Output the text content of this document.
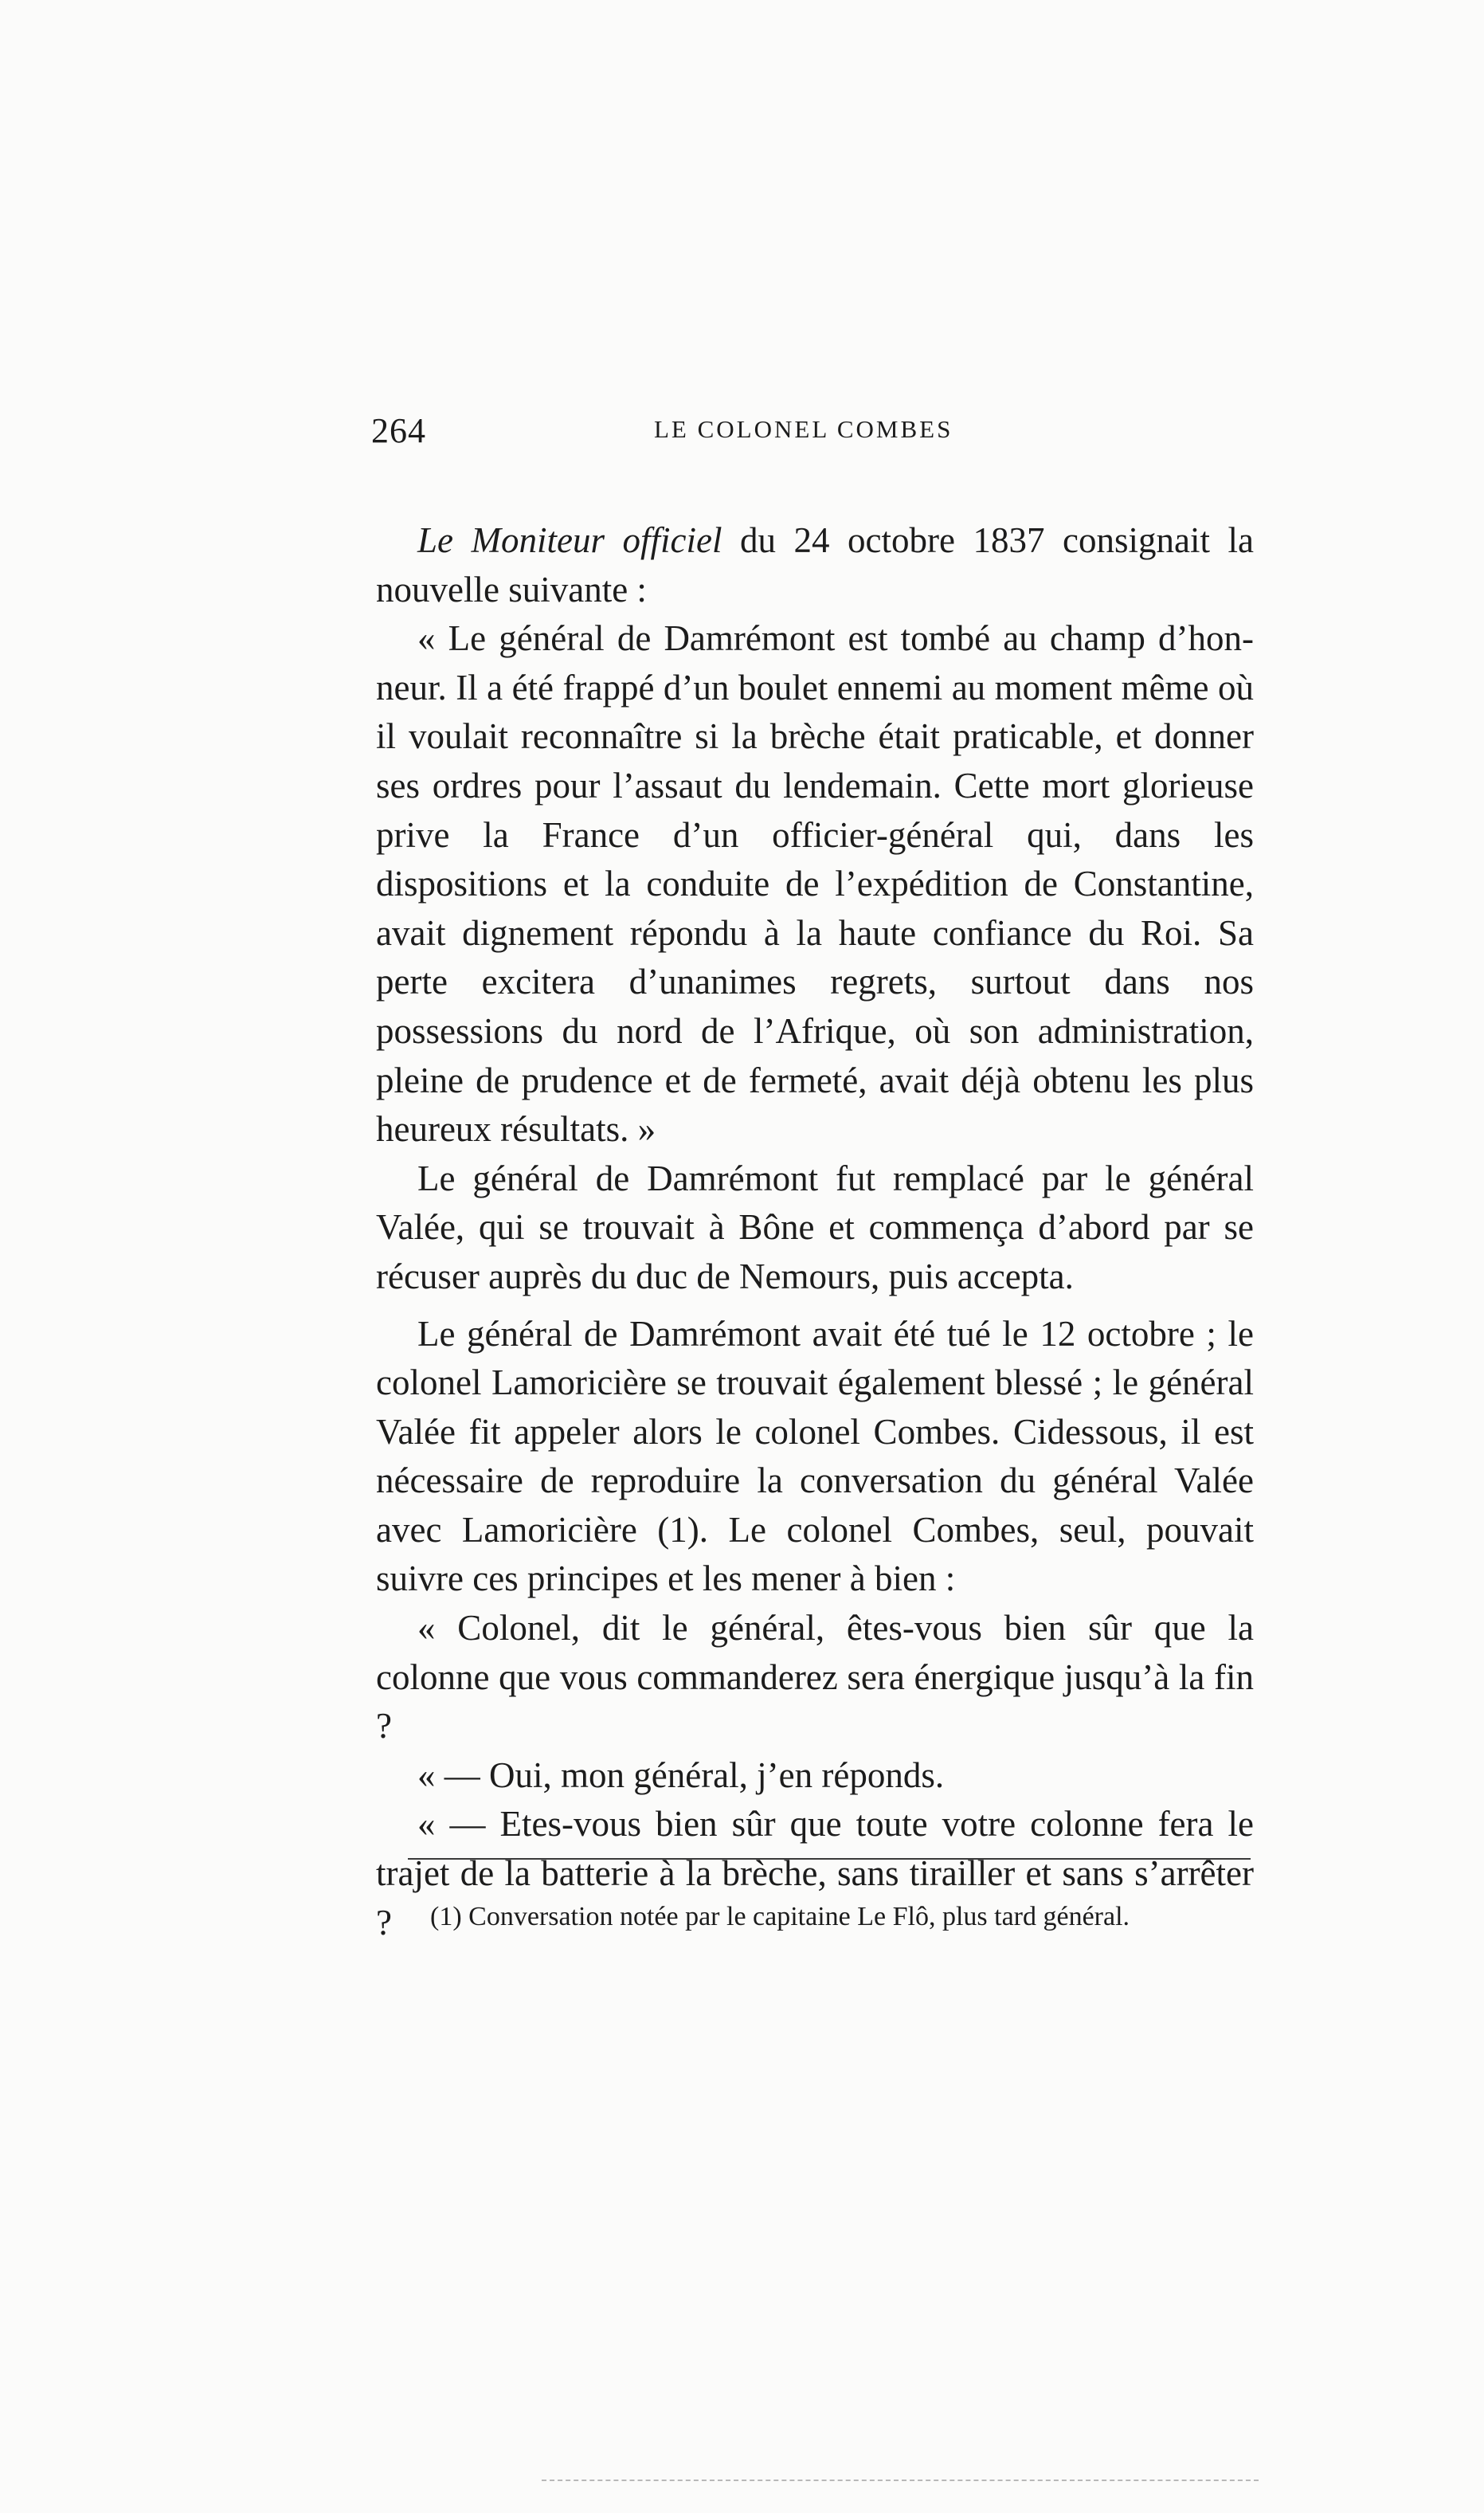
264	LE COLONEL COMBES

Le Moniteur officiel du 24 octobre 1837 consignait la nouvelle suivante :

« Le général de Damrémont est tombé au champ d’honneur. Il a été frappé d’un boulet ennemi au moment même où il voulait reconnaître si la brèche était praticable, et donner ses ordres pour l’assaut du lendemain. Cette mort glorieuse prive la France d’un officier-général qui, dans les dispositions et la conduite de l’expédition de Constantine, avait dignement répondu à la haute confiance du Roi. Sa perte excitera d’unanimes regrets, surtout dans nos possessions du nord de l’Afrique, où son administration, pleine de prudence et de fermeté, avait déjà obtenu les plus heureux résultats. »

Le général de Damrémont fut remplacé par le général Valée, qui se trouvait à Bône et commença d’abord par se récuser auprès du duc de Nemours, puis accepta.

Le général de Damrémont avait été tué le 12 octobre ; le colonel Lamoricière se trouvait également blessé ; le général Valée fit appeler alors le colonel Combes. Cidessous, il est nécessaire de reproduire la conversation du général Valée avec Lamoricière (1). Le colonel Combes, seul, pouvait suivre ces principes et les mener à bien :

« Colonel, dit le général, êtes-vous bien sûr que la colonne que vous commanderez sera énergique jusqu’à la fin ?

« — Oui, mon général, j’en réponds.

« — Etes-vous bien sûr que toute votre colonne fera le trajet de la batterie à la brèche, sans tirailler et sans s’arrêter ?	(1) Conversation notée par le capitaine Le Flô, plus tard général.
